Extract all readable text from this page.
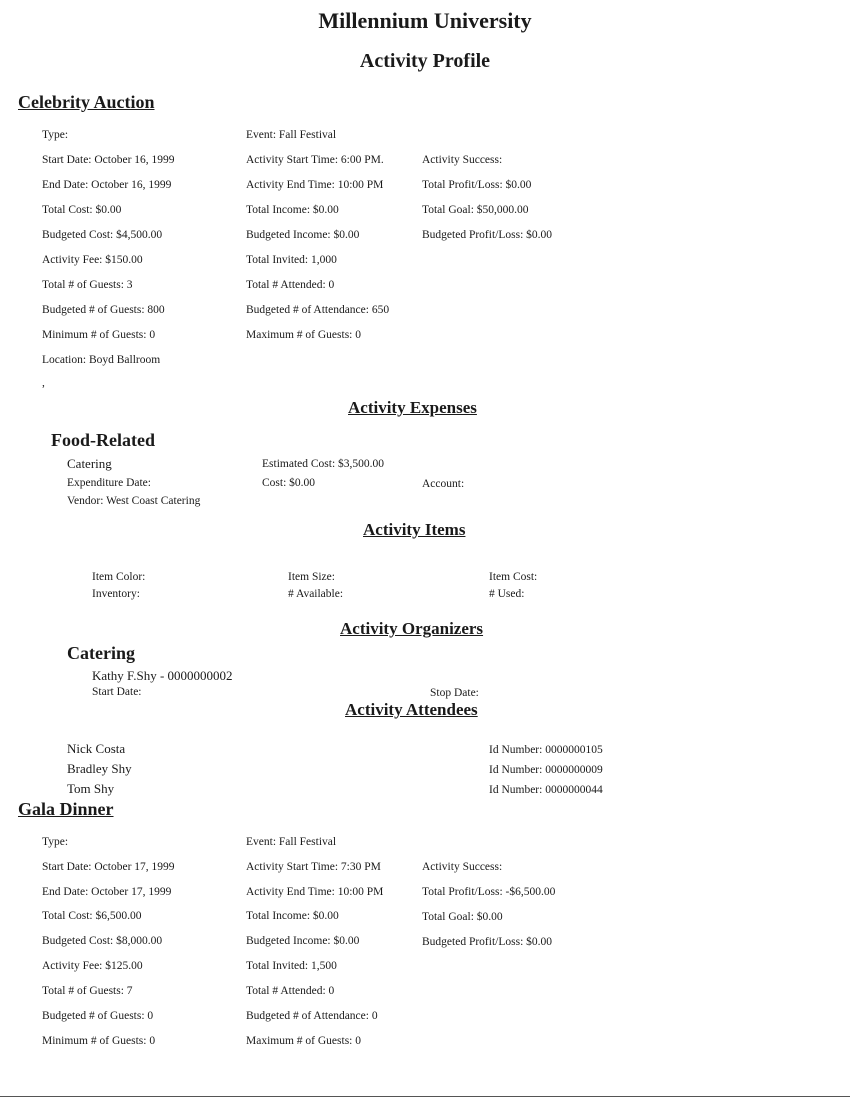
Millennium University
Activity Profile
Celebrity Auction
Type:
Start Date: October 16, 1999
End Date: October 16, 1999
Total Cost: $0.00
Budgeted Cost: $4,500.00
Activity Fee: $150.00
Total # of Guests: 3
Budgeted # of Guests: 800
Minimum # of Guests: 0
Location: Boyd Ballroom
,
Event: Fall Festival
Activity Start Time: 6:00 PM.
Activity End Time: 10:00 PM
Total Income: $0.00
Budgeted Income: $0.00
Total Invited: 1,000
Total # Attended: 0
Budgeted # of Attendance: 650
Maximum # of Guests: 0
Activity Success:
Total Profit/Loss: $0.00
Total Goal: $50,000.00
Budgeted Profit/Loss: $0.00
Activity Expenses
Food-Related
Catering
Expenditure Date:
Vendor: West Coast Catering
Estimated Cost: $3,500.00
Cost: $0.00	Account:
Activity Items
Item Color:
Inventory:
Item Size:
# Available:
Item Cost:
# Used:
Activity Organizers
Catering
Kathy F.Shy - 0000000002
Start Date:	Stop Date:
Activity Attendees
Nick Costa
Bradley Shy
Tom Shy
Id Number: 0000000105
Id Number: 0000000009
Id Number: 0000000044
Gala Dinner
Type:
Start Date: October 17, 1999
End Date: October 17, 1999
Total Cost: $6,500.00
Budgeted Cost: $8,000.00
Activity Fee: $125.00
Total # of Guests: 7
Budgeted # of Guests: 0
Minimum # of Guests: 0
Event: Fall Festival
Activity Start Time: 7:30 PM
Activity End Time: 10:00 PM
Total Income: $0.00
Budgeted Income: $0.00
Total Invited: 1,500
Total # Attended: 0
Budgeted # of Attendance: 0
Maximum # of Guests: 0
Activity Success:
Total Profit/Loss: -$6,500.00
Total Goal: $0.00
Budgeted Profit/Loss: $0.00
